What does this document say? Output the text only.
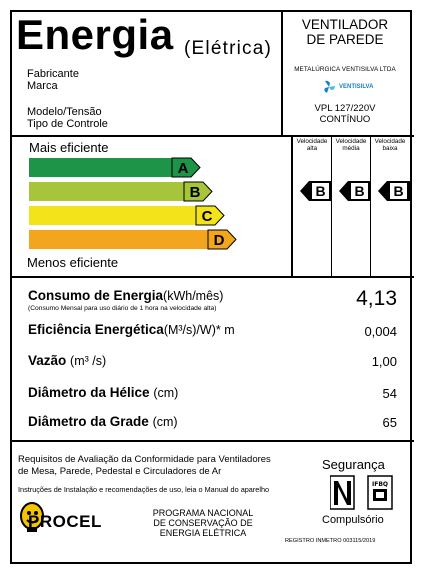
Energia (Elétrica)
Fabricante
Marca
Modelo/Tensão
Tipo de Controle
VENTILADOR
DE PAREDE
METALÚRGICA VENTISILVA LTDA
VENTISILVA
VPL 127/220V
CONTÍNUO
Mais eficiente
Menos eficiente
A
B
C
D
Velocidade
alta
B
Velocidade
média
B
Velocidade
baixa
B
Consumo de Energia(kWh/mês)
(Consumo Mensal para uso diário de 1 hora na velocidade alta)	4,13
Eficiência Energética(M³/s)/W)* m	0,004
Vazão (m³ /s)	1,00
Diâmetro da Hélice (cm)	54
Diâmetro da Grade (cm)	65
Requisitos de Avaliação da Conformidade para Ventiladores
de Mesa, Parede, Pedestal e Circuladores de Ar
Instruções de Instalação e recomendações de uso, leia o Manual do aparelho
PROCEL	PROGRAMA NACIONAL
DE CONSERVAÇÃO DE
ENERGIA ELÉTRICA
Segurança
IFBQ
Compulsório
REGISTRO INMETRO 003115/2019
